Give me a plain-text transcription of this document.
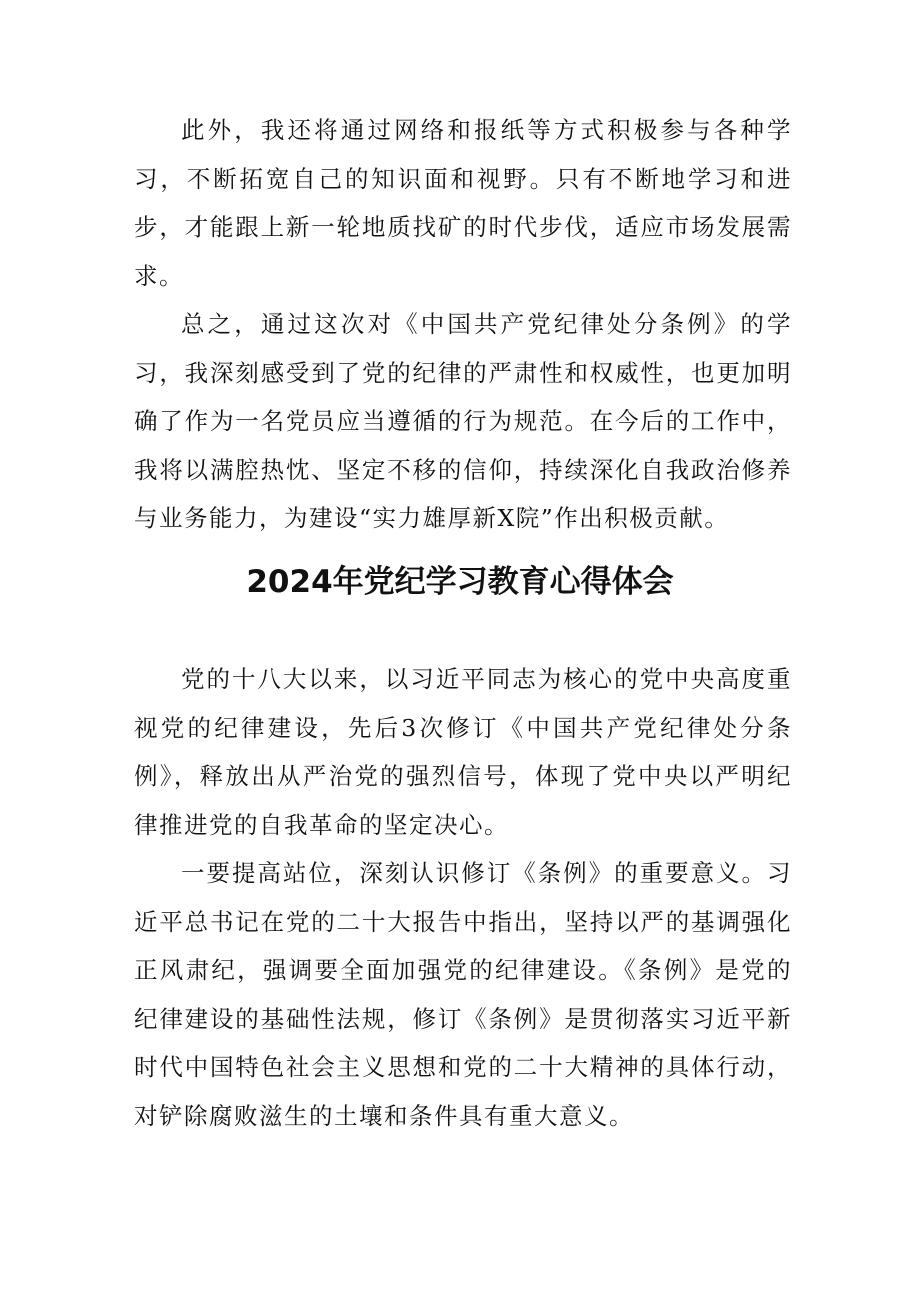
此外，我还将通过网络和报纸等方式积极参与各种学习，不断拓宽自己的知识面和视野。只有不断地学习和进步，才能跟上新一轮地质找矿的时代步伐，适应市场发展需求。

总之，通过这次对《中国共产党纪律处分条例》的学习，我深刻感受到了党的纪律的严肃性和权威性，也更加明确了作为一名党员应当遵循的行为规范。在今后的工作中，我将以满腔热忱、坚定不移的信仰，持续深化自我政治修养与业务能力，为建设“实力雄厚新X院”作出积极贡献。

2024年党纪学习教育心得体会

党的十八大以来，以习近平同志为核心的党中央高度重视党的纪律建设，先后3次修订《中国共产党纪律处分条例》，释放出从严治党的强烈信号，体现了党中央以严明纪律推进党的自我革命的坚定决心。

一要提高站位，深刻认识修订《条例》的重要意义。习近平总书记在党的二十大报告中指出，坚持以严的基调强化正风肃纪，强调要全面加强党的纪律建设。《条例》是党的纪律建设的基础性法规，修订《条例》是贯彻落实习近平新时代中国特色社会主义思想和党的二十大精神的具体行动，对铲除腐败滋生的土壤和条件具有重大意义。
